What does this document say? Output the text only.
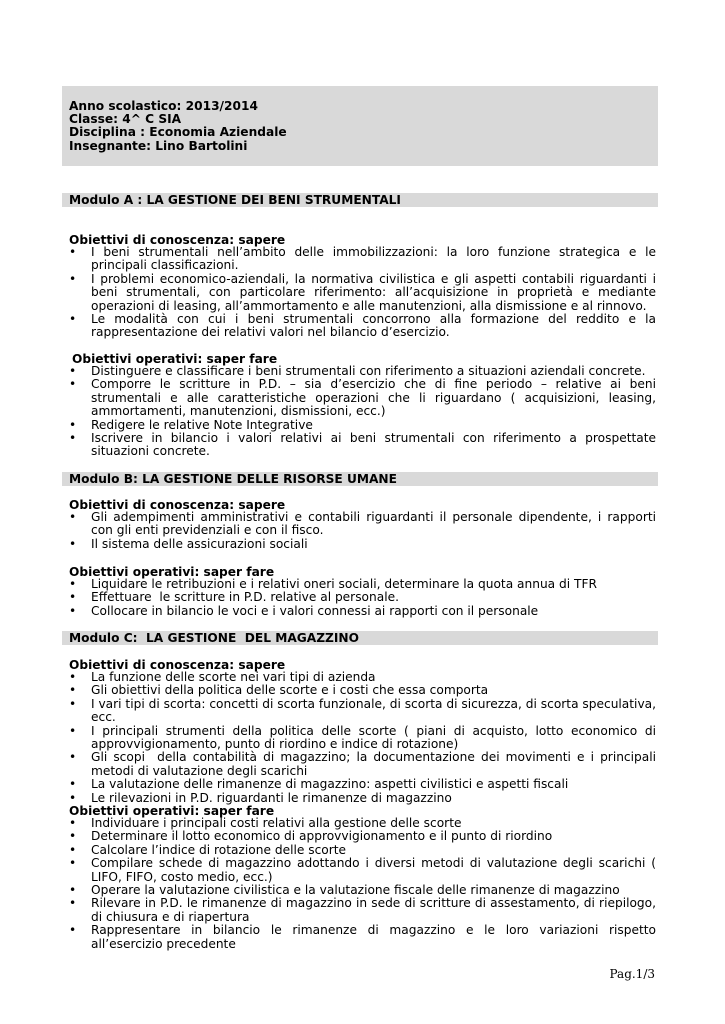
Anno scolastico: 2013/2014
Classe: 4^ C SIA
Disciplina : Economia Aziendale
Insegnante: Lino Bartolini
Modulo A : LA GESTIONE DEI BENI STRUMENTALI
Obiettivi di conoscenza: sapere
• I beni strumentali nell’ambito delle immobilizzazioni: la loro funzione strategica e le principali classificazioni.
• I problemi economico-aziendali, la normativa civilistica e gli aspetti contabili riguardanti i beni strumentali, con particolare riferimento: all’acquisizione in proprietà e mediante operazioni di leasing, all’ammortamento e alle manutenzioni, alla dismissione e al rinnovo.
• Le modalità con cui i beni strumentali concorrono alla formazione del reddito e la rappresentazione dei relativi valori nel bilancio d’esercizio.
Obiettivi operativi: saper fare
• Distinguere e classificare i beni strumentali con riferimento a situazioni aziendali concrete.
• Comporre le scritture in P.D. – sia d’esercizio che di fine periodo – relative ai beni strumentali e alle caratteristiche operazioni che li riguardano ( acquisizioni, leasing, ammortamenti, manutenzioni, dismissioni, ecc.)
• Redigere le relative Note Integrative
• Iscrivere in bilancio i valori relativi ai beni strumentali con riferimento a prospettate situazioni concrete.
Modulo B: LA GESTIONE DELLE RISORSE UMANE
Obiettivi di conoscenza: sapere
• Gli adempimenti amministrativi e contabili riguardanti il personale dipendente, i rapporti con gli enti previdenziali e con il fisco.
• Il sistema delle assicurazioni sociali
Obiettivi operativi: saper fare
• Liquidare le retribuzioni e i relativi oneri sociali, determinare la quota annua di TFR
• Effettuare  le scritture in P.D. relative al personale.
• Collocare in bilancio le voci e i valori connessi ai rapporti con il personale
Modulo C:  LA GESTIONE  DEL MAGAZZINO
Obiettivi di conoscenza: sapere
• La funzione delle scorte nei vari tipi di azienda
• Gli obiettivi della politica delle scorte e i costi che essa comporta
• I vari tipi di scorta: concetti di scorta funzionale, di scorta di sicurezza, di scorta speculativa, ecc.
• I principali strumenti della politica delle scorte ( piani di acquisto, lotto economico di approvvigionamento, punto di riordino e indice di rotazione)
• Gli scopi  della contabilità di magazzino; la documentazione dei movimenti e i principali metodi di valutazione degli scarichi
• La valutazione delle rimanenze di magazzino: aspetti civilistici e aspetti fiscali
• Le rilevazioni in P.D. riguardanti le rimanenze di magazzino
Obiettivi operativi: saper fare
• Individuare i principali costi relativi alla gestione delle scorte
• Determinare il lotto economico di approvvigionamento e il punto di riordino
• Calcolare l’indice di rotazione delle scorte
• Compilare schede di magazzino adottando i diversi metodi di valutazione degli scarichi ( LIFO, FIFO, costo medio, ecc.)
• Operare la valutazione civilistica e la valutazione fiscale delle rimanenze di magazzino
• Rilevare in P.D. le rimanenze di magazzino in sede di scritture di assestamento, di riepilogo, di chiusura e di riapertura
• Rappresentare in bilancio le rimanenze di magazzino e le loro variazioni rispetto all’esercizio precedente
Pag.1/3
